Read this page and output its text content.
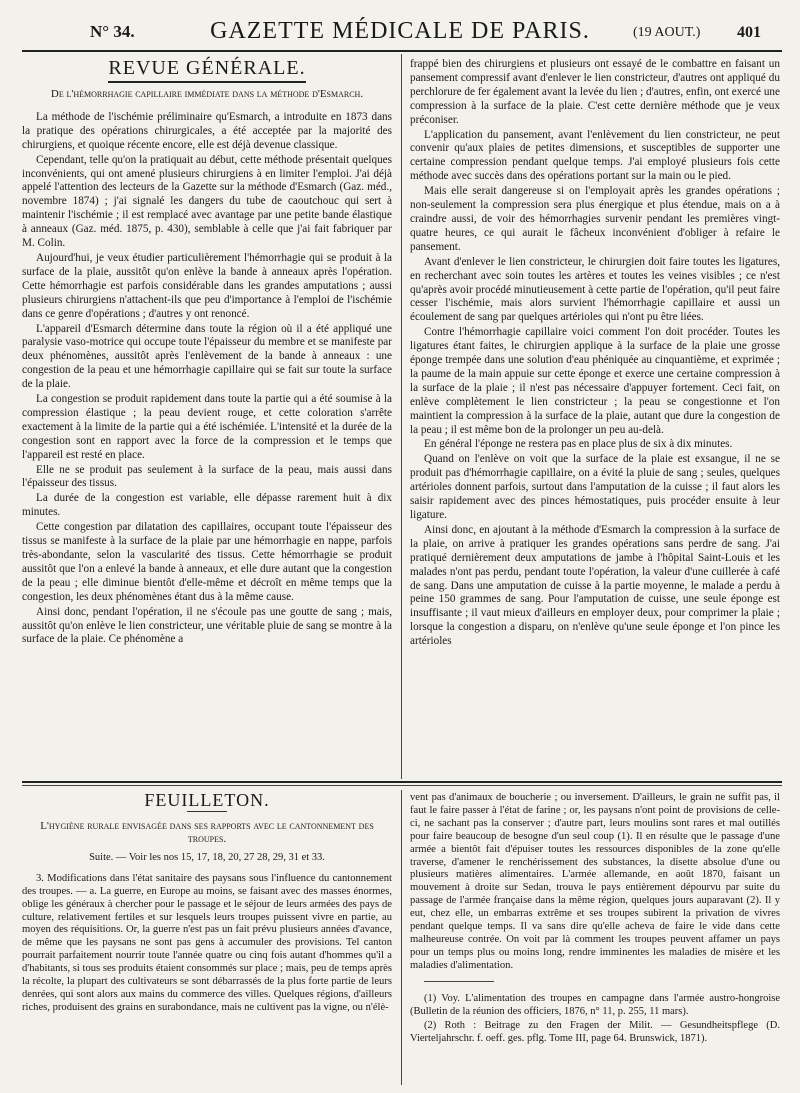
N° 34.	GAZETTE MÉDICALE DE PARIS.	(19 AOUT.) 401
REVUE GÉNÉRALE.
De l'hémorrhagie capillaire immédiate dans la méthode d'Esmarch.

La méthode de l'ischémie préliminaire qu'Esmarch, a introduite en 1873 dans la pratique des opérations chirurgicales, a été acceptée par la majorité des chirurgiens, et quoique récente encore, elle est déjà devenue classique.

Cependant, telle qu'on la pratiquait au début, cette méthode présentait quelques inconvénients, qui ont amené plusieurs chirurgiens à en limiter l'emploi. J'ai déjà appelé l'attention des lecteurs de la Gazette sur la méthode d'Esmarch (Gaz. méd., novembre 1874) ; j'ai signalé les dangers du tube de caoutchouc qui sert à maintenir l'ischémie ; il est remplacé avec avantage par une petite bande élastique à anneaux (Gaz. méd. 1875, p. 430), semblable à celle que j'ai fait fabriquer par M. Colin.

Aujourd'hui, je veux étudier particulièrement l'hémorrhagie qui se produit à la surface de la plaie, aussitôt qu'on enlève la bande à anneaux après l'opération. Cette hémorrhagie est parfois considérable dans les grandes amputations ; aussi plusieurs chirurgiens n'attachent-ils que peu d'importance à l'emploi de l'ischémie dans ce genre d'opérations ; d'autres y ont renoncé.

L'appareil d'Esmarch détermine dans toute la région où il a été appliqué une paralysie vaso-motrice qui occupe toute l'épaisseur du membre et se manifeste par deux phénomènes, aussitôt après l'enlèvement de la bande à anneaux : une congestion de la peau et une hémorrhagie capillaire qui se fait sur toute la surface de la plaie.

La congestion se produit rapidement dans toute la partie qui a été soumise à la compression élastique ; la peau devient rouge, et cette coloration s'arrête exactement à la limite de la partie qui a été ischémiée. L'intensité et la durée de la congestion sont en rapport avec la force de la compression et le temps que l'appareil est resté en place.

Elle ne se produit pas seulement à la surface de la peau, mais aussi dans l'épaisseur des tissus.

La durée de la congestion est variable, elle dépasse rarement huit à dix minutes.

Cette congestion par dilatation des capillaires, occupant toute l'épaisseur des tissus se manifeste à la surface de la plaie par une hémorrhagie en nappe, parfois très-abondante, selon la vascularité des tissus. Cette hémorrhagie se produit aussitôt que l'on a enlevé la bande à anneaux, et elle dure autant que la congestion de la peau ; elle diminue bientôt d'elle-même et décroît en même temps que la congestion, les deux phénomènes étant dus à la même cause.

Ainsi donc, pendant l'opération, il ne s'écoule pas une goutte de sang ; mais, aussitôt qu'on enlève le lien constricteur, une véritable pluie de sang se montre à la surface de la plaie. Ce phénomène a

frappé bien des chirurgiens et plusieurs ont essayé de le combattre en faisant un pansement compressif avant d'enlever le lien constricteur, d'autres ont appliqué du perchlorure de fer également avant la levée du lien ; d'autres, enfin, ont exercé une compression à la surface de la plaie. C'est cette dernière méthode que je veux préconiser.

L'application du pansement, avant l'enlèvement du lien constricteur, ne peut convenir qu'aux plaies de petites dimensions, et susceptibles de supporter une certaine compression pendant quelque temps. J'ai employé plusieurs fois cette méthode avec succès dans des opérations portant sur la main ou le pied.

Mais elle serait dangereuse si on l'employait après les grandes opérations ; non-seulement la compression sera plus énergique et plus étendue, mais on a à craindre aussi, de voir des hémorrhagies survenir pendant les premières vingt-quatre heures, ce qui aurait le fâcheux inconvénient d'obliger à refaire le pansement.

Avant d'enlever le lien constricteur, le chirurgien doit faire toutes les ligatures, en recherchant avec soin toutes les artères et toutes les veines visibles ; ce n'est qu'après avoir procédé minutieusement à cette partie de l'opération, qu'il peut faire cesser l'ischémie, mais alors survient l'hémorrhagie capillaire et aussi un écoulement de sang par quelques artérioles qui n'ont pu être liées.

Contre l'hémorrhagie capillaire voici comment l'on doit procéder. Toutes les ligatures étant faites, le chirurgien applique à la surface de la plaie une grosse éponge trempée dans une solution d'eau phéniquée au cinquantième, et exprimée ; la paume de la main appuie sur cette éponge et exerce une certaine compression à la surface de la plaie ; il n'est pas nécessaire d'appuyer fortement. Ceci fait, on enlève complètement le lien constricteur ; la peau se congestionne et l'on maintient la compression à la surface de la plaie, autant que dure la congestion de la peau ; il est même bon de la prolonger un peu au-delà.

En général l'éponge ne restera pas en place plus de six à dix minutes.

Quand on l'enlève on voit que la surface de la plaie est exsangue, il ne se produit pas d'hémorrhagie capillaire, on a évité la pluie de sang ; seules, quelques artérioles donnent parfois, surtout dans l'amputation de la cuisse ; il faut alors les saisir rapidement avec des pinces hémostatiques, puis procéder ensuite à leur ligature.

Ainsi donc, en ajoutant à la méthode d'Esmarch la compression à la surface de la plaie, on arrive à pratiquer les grandes opérations sans perdre de sang. J'ai pratiqué dernièrement deux amputations de jambe à l'hôpital Saint-Louis et les malades n'ont pas perdu, pendant toute l'opération, la valeur d'une cuillerée à café de sang. Dans une amputation de cuisse à la partie moyenne, le malade a perdu à peine 150 grammes de sang. Pour l'amputation de cuisse, une seule éponge est insuffisante ; il vaut mieux d'ailleurs en employer deux, pour comprimer la plaie ; lorsque la congestion a disparu, on n'enlève qu'une seule éponge et l'on pince les artérioles

FEUILLETON.
L'hygiène rurale envisagée dans ses rapports avec le cantonnement des troupes.
Suite. — Voir les nos 15, 17, 18, 20, 27 28, 29, 31 et 33.

3. Modifications dans l'état sanitaire des paysans sous l'influence du cantonnement des troupes. — a. La guerre, en Europe au moins, se faisant avec des masses énormes, oblige les généraux à chercher pour le passage et le séjour de leurs armées des pays de culture, relativement fertiles et sur lesquels leurs troupes puissent vivre en partie, au moyen des réquisitions. Or, la guerre n'est pas un fait prévu plusieurs années d'avance, de même que les paysans ne sont pas gens à accumuler des provisions. Tel canton pourrait parfaitement nourrir toute l'année quatre ou cinq fois autant d'hommes qu'il a d'habitants, si tous ses produits étaient consommés sur place ; mais, peu de temps après la récolte, la plupart des cultivateurs se sont débarrassés de la plus forte partie de leurs denrées, qui sont alors aux mains du commerce des villes. Quelques régions, d'ailleurs riches, produisent des grains en surabondance, mais ne cultivent pas la vigne, ou n'élè-

vent pas d'animaux de boucherie ; ou inversement. D'ailleurs, le grain ne suffit pas, il faut le faire passer à l'état de farine ; or, les paysans n'ont point de provisions de celle-ci, ne sachant pas la conserver ; d'autre part, leurs moulins sont rares et mal outillés pour faire beaucoup de besogne d'un seul coup (1). Il en résulte que le passage d'une armée a bientôt fait d'épuiser toutes les ressources disponibles de la zone qu'elle traverse, d'amener le renchérissement des substances, la disette absolue d'une ou plusieurs matières alimentaires. L'armée allemande, en août 1870, faisant un mouvement à droite sur Sedan, trouva le pays entièrement dépourvu par suite du passage de l'armée française dans la même région, quelques jours auparavant (2). Il y eut, chez elle, un embarras extrême et ses troupes subirent la privation de vivres pendant quelque temps. Il va sans dire qu'elle acheva de faire le vide dans cette malheureuse contrée. On voit par là comment les troupes peuvent affamer un pays pour un temps plus ou moins long, rendre imminentes les maladies de misère et les maladies d'alimentation.

(1) Voy. L'alimentation des troupes en campagne dans l'armée austro-hongroise (Bulletin de la réunion des officiers, 1876, n° 11, p. 255, 11 mars).

(2) Roth : Beitrage zu den Fragen der Milit. — Gesundheitspflege (D. Vierteljahrschr. f. oeff. ges. pflg. Tome III, page 64. Brunswick, 1871).
